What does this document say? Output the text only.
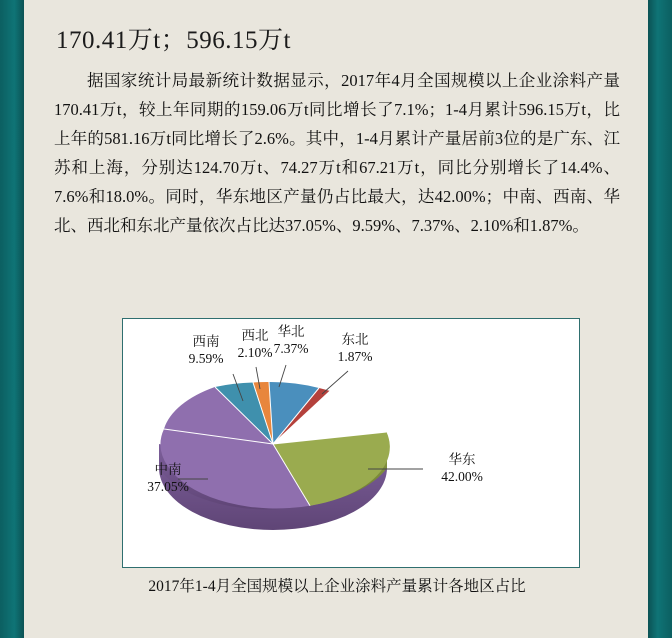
170.41万t；596.15万t
据国家统计局最新统计数据显示，2017年4月全国规模以上企业涂料产量170.41万t，较上年同期的159.06万t同比增长了7.1%；1-4月累计596.15万t，比上年的581.16万t同比增长了2.6%。其中，1-4月累计产量居前3位的是广东、江苏和上海，分别达124.70万t、74.27万t和67.21万t，同比分别增长了14.4%、7.6%和18.0%。同时，华东地区产量仍占比最大，达42.00%；中南、西南、华北、西北和东北产量依次占比达37.05%、9.59%、7.37%、2.10%和1.87%。
西南
9.59%
西北
2.10%
华北
7.37%
东北
1.87%
华东
42.00%
中南
37.05%
2017年1-4月全国规模以上企业涂料产量累计各地区占比
